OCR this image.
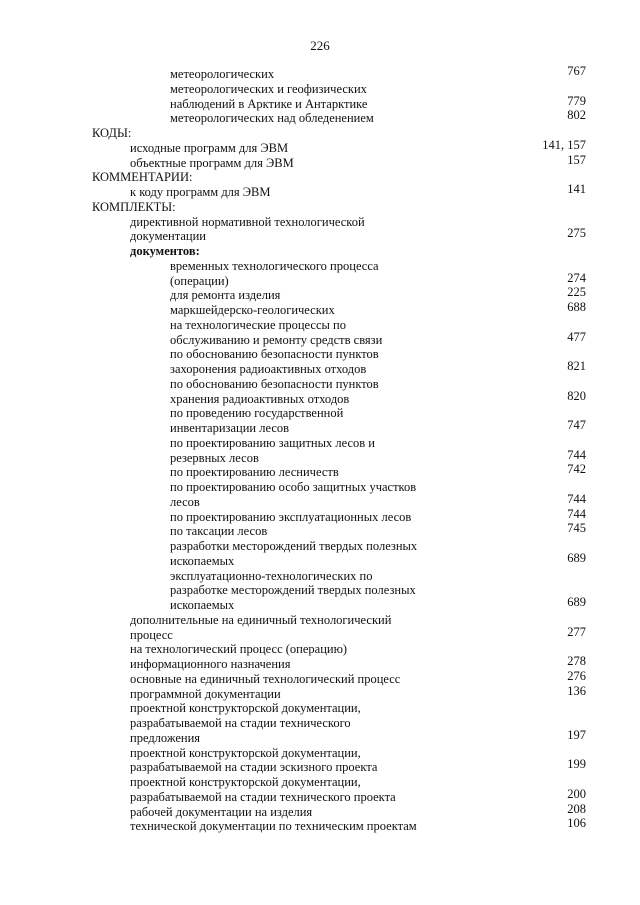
226
метеорологических	767
метеорологических и геофизических
наблюдений в Арктике и Антарктике	779
метеорологических над обледенением	802
КОДЫ:
исходные программ для ЭВМ	141, 157
объектные программ для ЭВМ	157
КОММЕНТАРИИ:
к коду программ для ЭВМ	141
КОМПЛЕКТЫ:
директивной нормативной технологической
документации	275
документов:
временных технологического процесса
(операции)	274
для ремонта изделия	225
маркшейдерско-геологических	688
на технологические процессы по
обслуживанию и ремонту средств связи	477
по обоснованию безопасности пунктов
захоронения радиоактивных отходов	821
по обоснованию безопасности пунктов
хранения радиоактивных отходов	820
по проведению государственной
инвентаризации лесов	747
по проектированию защитных лесов и
резервных лесов	744
по проектированию лесничеств	742
по проектированию особо защитных участков
лесов	744
по проектированию эксплуатационных лесов	744
по таксации лесов	745
разработки месторождений твердых полезных
ископаемых	689
эксплуатационно-технологических по
разработке месторождений твердых полезных
ископаемых	689
дополнительные на единичный технологический
процесс	277
на технологический процесс (операцию)
информационного назначения	278
основные на единичный технологический процесс	276
программной документации	136
проектной конструкторской документации,
разрабатываемой на стадии технического
предложения	197
проектной конструкторской документации,
разрабатываемой на стадии эскизного проекта	199
проектной конструкторской документации,
разрабатываемой на стадии технического проекта	200
рабочей документации на изделия	208
технической документации по техническим проектам	106
